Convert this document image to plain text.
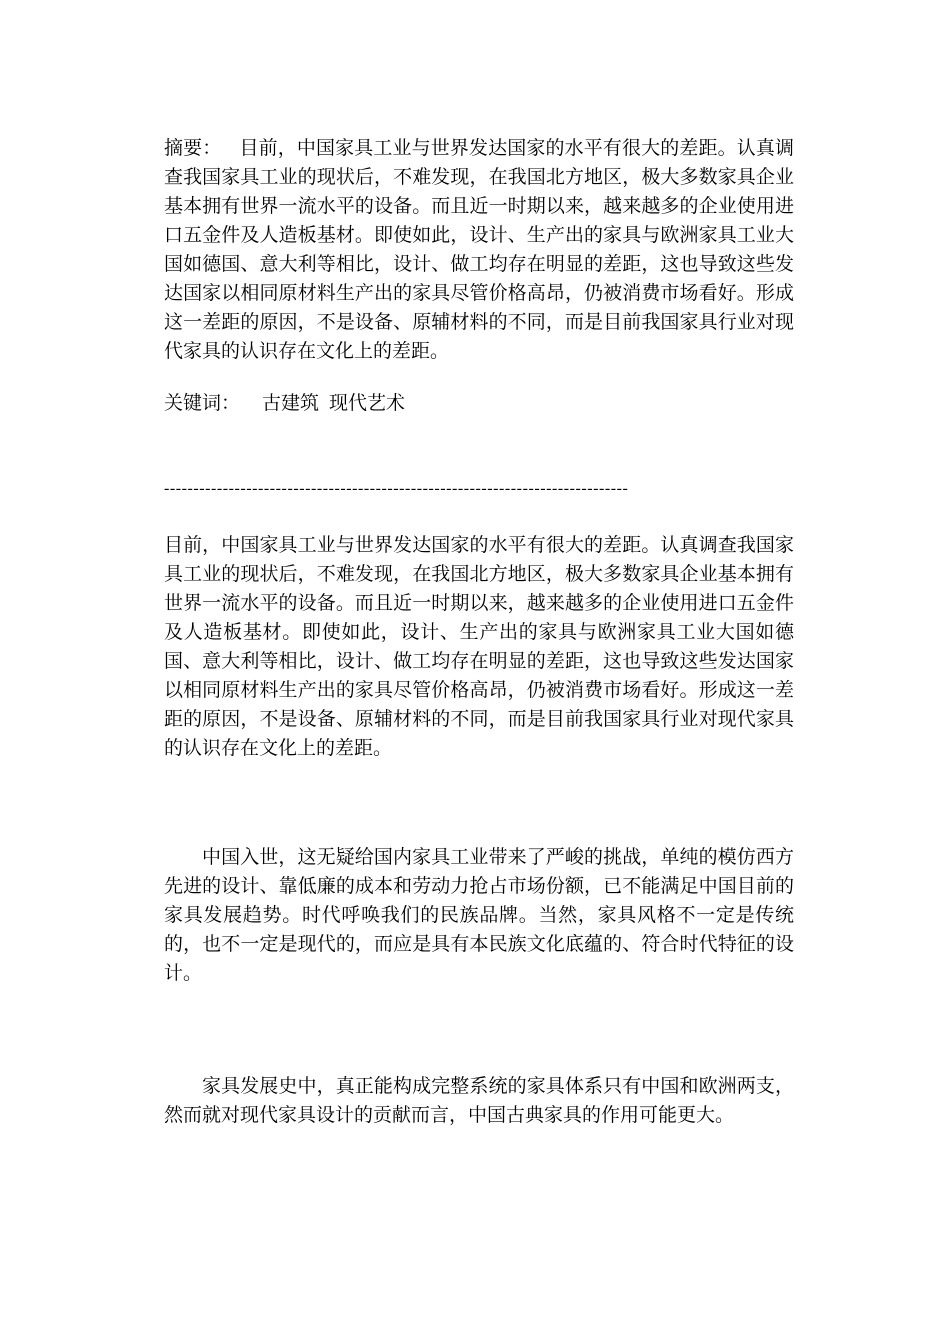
摘要： 目前，中国家具工业与世界发达国家的水平有很大的差距。认真调查我国家具工业的现状后，不难发现，在我国北方地区，极大多数家具企业基本拥有世界一流水平的设备。而且近一时期以来，越来越多的企业使用进口五金件及人造板基材。即使如此，设计、生产出的家具与欧洲家具工业大国如德国、意大利等相比，设计、做工均存在明显的差距，这也导致这些发达国家以相同原材料生产出的家具尽管价格高昂，仍被消费市场看好。形成这一差距的原因，不是设备、原辅材料的不同，而是目前我国家具行业对现代家具的认识存在文化上的差距。

关键词： 古建筑 现代艺术

-------------------------------------------------------------------------------

目前，中国家具工业与世界发达国家的水平有很大的差距。认真调查我国家具工业的现状后，不难发现，在我国北方地区，极大多数家具企业基本拥有世界一流水平的设备。而且近一时期以来，越来越多的企业使用进口五金件及人造板基材。即使如此，设计、生产出的家具与欧洲家具工业大国如德国、意大利等相比，设计、做工均存在明显的差距，这也导致这些发达国家以相同原材料生产出的家具尽管价格高昂，仍被消费市场看好。形成这一差距的原因，不是设备、原辅材料的不同，而是目前我国家具行业对现代家具的认识存在文化上的差距。

中国入世，这无疑给国内家具工业带来了严峻的挑战，单纯的模仿西方先进的设计、靠低廉的成本和劳动力抢占市场份额，已不能满足中国目前的家具发展趋势。时代呼唤我们的民族品牌。当然，家具风格不一定是传统的，也不一定是现代的，而应是具有本民族文化底蕴的、符合时代特征的设计。

家具发展史中，真正能构成完整系统的家具体系只有中国和欧洲两支，然而就对现代家具设计的贡献而言，中国古典家具的作用可能更大。
